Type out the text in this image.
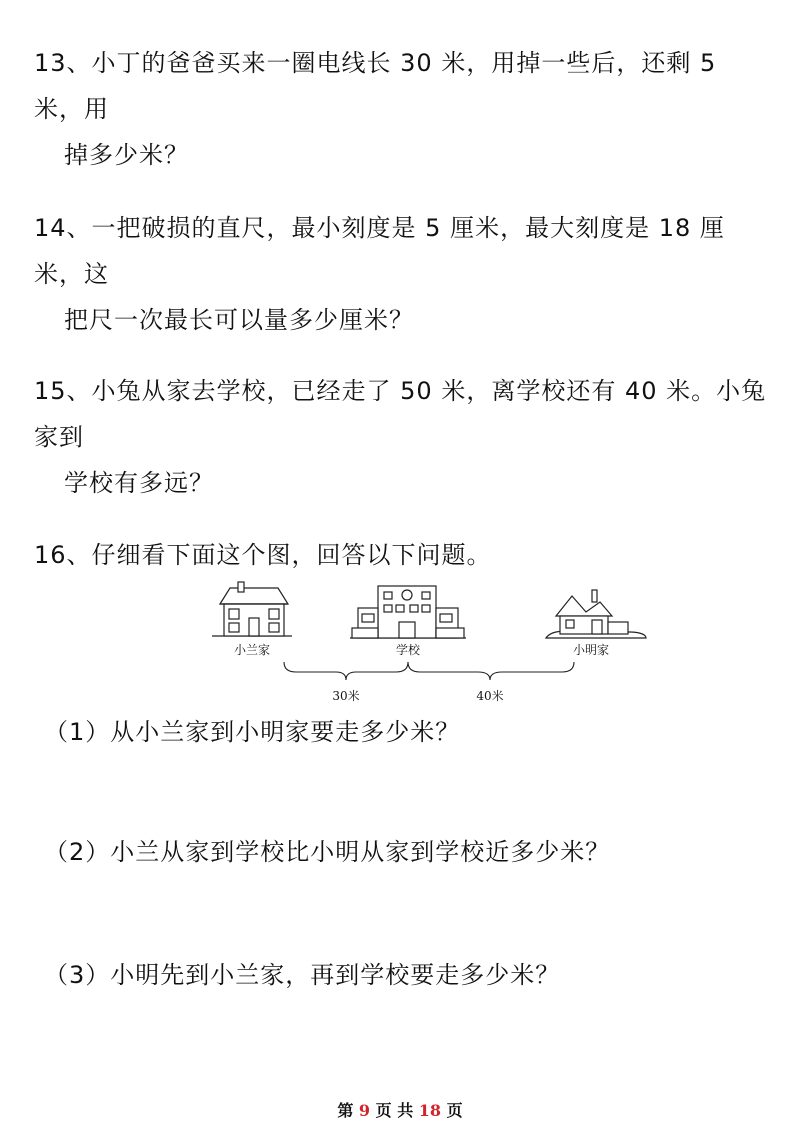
13、小丁的爸爸买来一圈电线长 30 米，用掉一些后，还剩 5 米，用
掉多少米？
14、一把破损的直尺，最小刻度是 5 厘米，最大刻度是 18 厘米，这
把尺一次最长可以量多少厘米？
15、小兔从家去学校，已经走了 50 米，离学校还有 40 米。小兔家到
学校有多远？
16、仔细看下面这个图，回答以下问题。
小兰家	学校	小明家
30米	40米
（1）从小兰家到小明家要走多少米？
（2）小兰从家到学校比小明从家到学校近多少米？
（3）小明先到小兰家，再到学校要走多少米？
第 9 页 共 18 页
